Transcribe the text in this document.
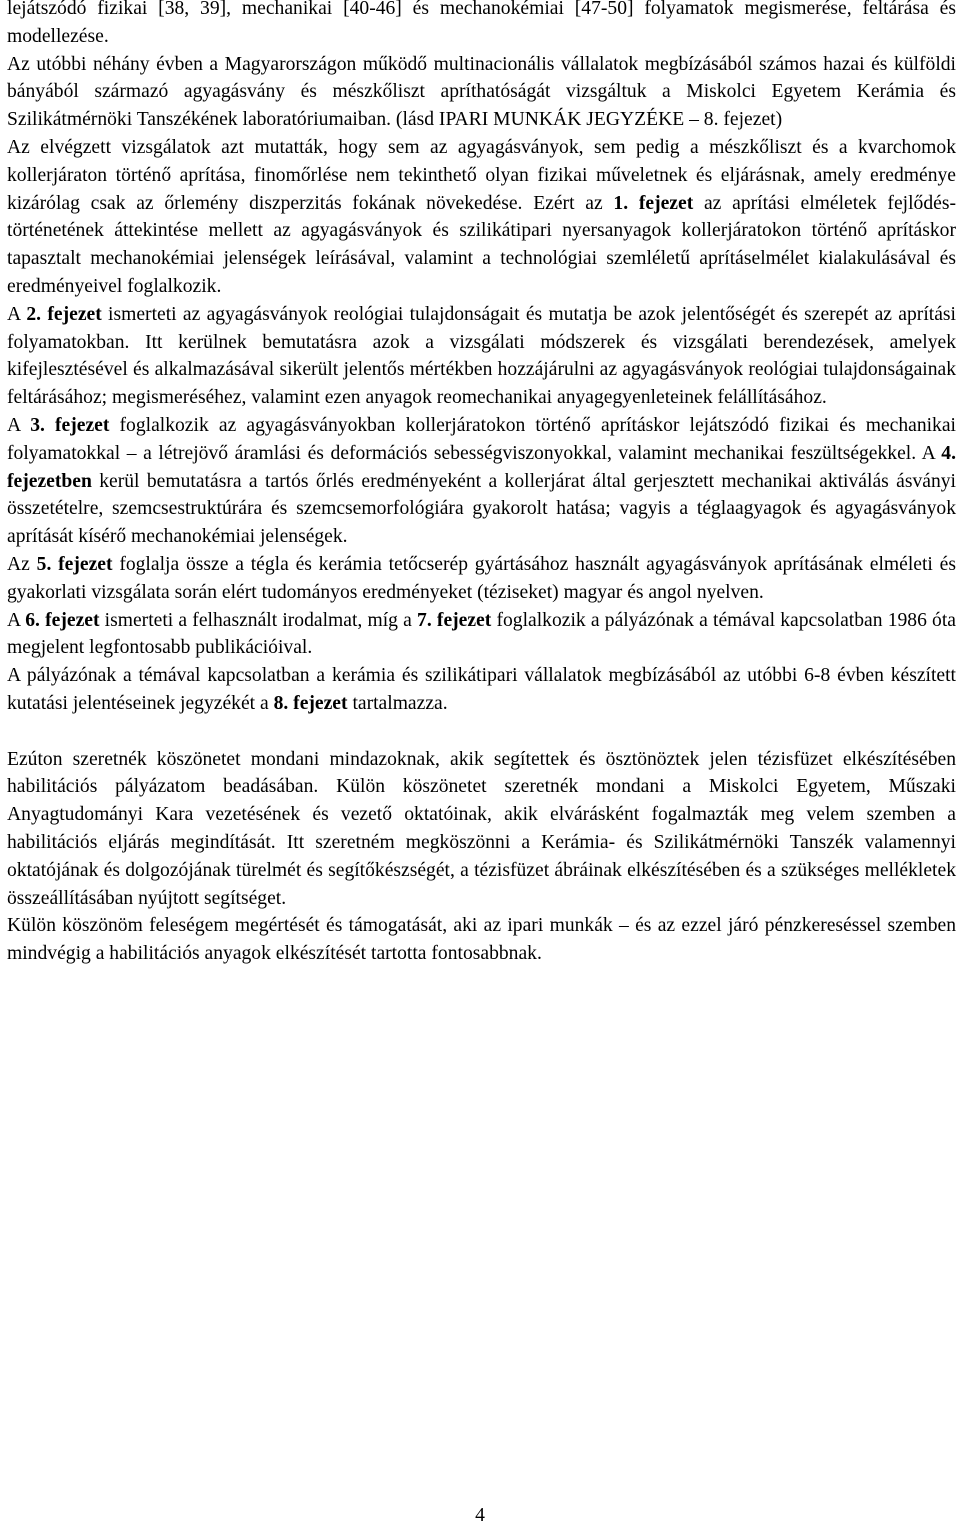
lejátszódó fizikai [38, 39], mechanikai [40-46] és mechanokémiai [47-50] folyamatok megismerése, feltárása és modellezése.

Az utóbbi néhány évben a Magyarországon működő multinacionális vállalatok megbízásából számos hazai és külföldi bányából származó agyagásvány és mészkőliszt apríthatóságát vizsgáltuk a Miskolci Egyetem Kerámia és Szilikátmérnöki Tanszékének laboratóriumaiban. (lásd IPARI MUNKÁK JEGYZÉKE – 8. fejezet)

Az elvégzett vizsgálatok azt mutatták, hogy sem az agyagásványok, sem pedig a mészkőliszt és a kvarchomok kollerjáraton történő aprítása, finomőrlése nem tekinthető olyan fizikai műveletnek és eljárásnak, amely eredménye kizárólag csak az őrlemény diszperzitás fokának növekedése. Ezért az 1. fejezet az aprítási elméletek fejlődés-történetének áttekintése mellett az agyagásványok és szilikátipari nyersanyagok kollerjáratokon történő aprításkor tapasztalt mechanokémiai jelenségek leírásával, valamint a technológiai szemléletű aprításelmélet kialakulásával és eredményeivel foglalkozik.

A 2. fejezet ismerteti az agyagásványok reológiai tulajdonságait és mutatja be azok jelentőségét és szerepét az aprítási folyamatokban. Itt kerülnek bemutatásra azok a vizsgálati módszerek és vizsgálati berendezések, amelyek kifejlesztésével és alkalmazásával sikerült jelentős mértékben hozzájárulni az agyagásványok reológiai tulajdonságainak feltárásához; megismeréséhez, valamint ezen anyagok reomechanikai anyagegyenleteinek felállításához.

A 3. fejezet foglalkozik az agyagásványokban kollerjáratokon történő aprításkor lejátszódó fizikai és mechanikai folyamatokkal – a létrejövő áramlási és deformációs sebességviszonyokkal, valamint mechanikai feszültségekkel. A 4. fejezetben kerül bemutatásra a tartós őrlés eredményeként a kollerjárat által gerjesztett mechanikai aktiválás ásványi összetételre, szemcsestruktúrára és szemcsemorfológiára gyakorolt hatása; vagyis a téglaagyagok és agyagásványok aprítását kísérő mechanokémiai jelenségek.

Az 5. fejezet foglalja össze a tégla és kerámia tetőcserép gyártásához használt agyagásványok aprításának elméleti és gyakorlati vizsgálata során elért tudományos eredményeket (téziseket) magyar és angol nyelven.

A 6. fejezet ismerteti a felhasznált irodalmat, míg a 7. fejezet foglalkozik a pályázónak a témával kapcsolatban 1986 óta megjelent legfontosabb publikációival.

A pályázónak a témával kapcsolatban a kerámia és szilikátipari vállalatok megbízásából az utóbbi 6-8 évben készített kutatási jelentéseinek jegyzékét a 8. fejezet tartalmazza.

Ezúton szeretnék köszönetet mondani mindazoknak, akik segítettek és ösztönöztek jelen tézisfüzet elkészítésében habilitációs pályázatom beadásában. Külön köszönetet szeretnék mondani a Miskolci Egyetem, Műszaki Anyagtudományi Kara vezetésének és vezető oktatóinak, akik elvárásként fogalmazták meg velem szemben a habilitációs eljárás megindítását. Itt szeretném megköszönni a Kerámia- és Szilikátmérnöki Tanszék valamennyi oktatójának és dolgozójának türelmét és segítőkészségét, a tézisfüzet ábráinak elkészítésében és a szükséges mellékletek összeállításában nyújtott segítséget.

Külön köszönöm feleségem megértését és támogatását, aki az ipari munkák – és az ezzel járó pénzkereséssel szemben mindvégig a habilitációs anyagok elkészítését tartotta fontosabbnak.

4
